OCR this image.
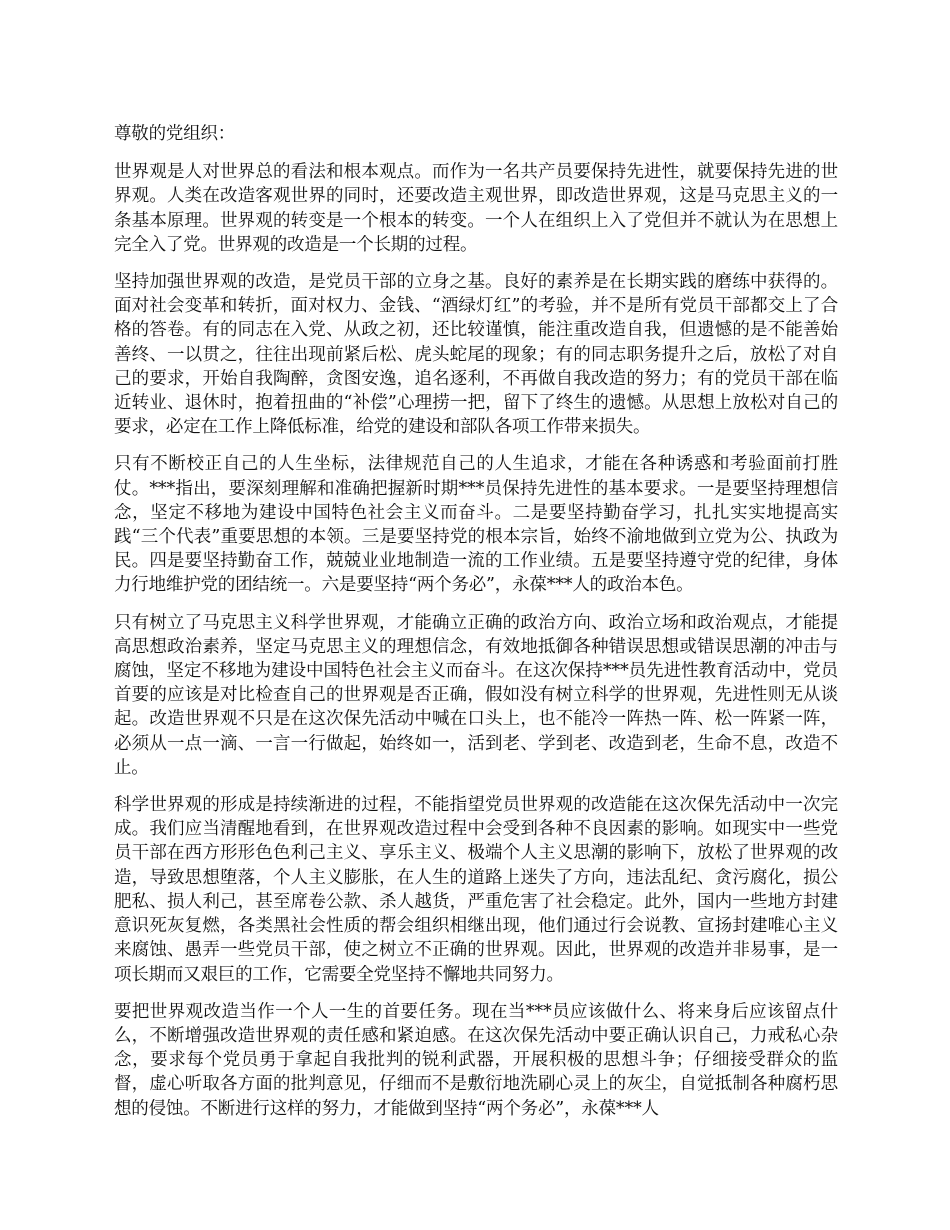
尊敬的党组织：

世界观是人对世界总的看法和根本观点。而作为一名共产员要保持先进性，就要保持先进的世界观。人类在改造客观世界的同时，还要改造主观世界，即改造世界观，这是马克思主义的一条基本原理。世界观的转变是一个根本的转变。一个人在组织上入了党但并不就认为在思想上完全入了党。世界观的改造是一个长期的过程。

坚持加强世界观的改造，是党员干部的立身之基。良好的素养是在长期实践的磨练中获得的。面对社会变革和转折，面对权力、金钱、“酒绿灯红”的考验，并不是所有党员干部都交上了合格的答卷。有的同志在入党、从政之初，还比较谨慎，能注重改造自我，但遗憾的是不能善始善终、一以贯之，往往出现前紧后松、虎头蛇尾的现象；有的同志职务提升之后，放松了对自己的要求，开始自我陶醉，贪图安逸，追名逐利，不再做自我改造的努力；有的党员干部在临近转业、退休时，抱着扭曲的“补偿”心理捞一把，留下了终生的遗憾。从思想上放松对自己的要求，必定在工作上降低标准，给党的建设和部队各项工作带来损失。

只有不断校正自己的人生坐标，法律规范自己的人生追求，才能在各种诱惑和考验面前打胜仗。***指出，要深刻理解和准确把握新时期***员保持先进性的基本要求。一是要坚持理想信念，坚定不移地为建设中国特色社会主义而奋斗。二是要坚持勤奋学习，扎扎实实地提高实践“三个代表”重要思想的本领。三是要坚持党的根本宗旨，始终不渝地做到立党为公、执政为民。四是要坚持勤奋工作，兢兢业业地制造一流的工作业绩。五是要坚持遵守党的纪律，身体力行地维护党的团结统一。六是要坚持“两个务必”，永葆***人的政治本色。

只有树立了马克思主义科学世界观，才能确立正确的政治方向、政治立场和政治观点，才能提高思想政治素养，坚定马克思主义的理想信念，有效地抵御各种错误思想或错误思潮的冲击与腐蚀，坚定不移地为建设中国特色社会主义而奋斗。在这次保持***员先进性教育活动中，党员首要的应该是对比检查自己的世界观是否正确，假如没有树立科学的世界观，先进性则无从谈起。改造世界观不只是在这次保先活动中喊在口头上，也不能冷一阵热一阵、松一阵紧一阵，必须从一点一滴、一言一行做起，始终如一，活到老、学到老、改造到老，生命不息，改造不止。

科学世界观的形成是持续渐进的过程，不能指望党员世界观的改造能在这次保先活动中一次完成。我们应当清醒地看到，在世界观改造过程中会受到各种不良因素的影响。如现实中一些党员干部在西方形形色色利己主义、享乐主义、极端个人主义思潮的影响下，放松了世界观的改造，导致思想堕落，个人主义膨胀，在人生的道路上迷失了方向，违法乱纪、贪污腐化，损公肥私、损人利己，甚至席卷公款、杀人越货，严重危害了社会稳定。此外，国内一些地方封建意识死灰复燃，各类黑社会性质的帮会组织相继出现，他们通过行会说教、宣扬封建唯心主义来腐蚀、愚弄一些党员干部，使之树立不正确的世界观。因此，世界观的改造并非易事，是一项长期而又艰巨的工作，它需要全党坚持不懈地共同努力。

要把世界观改造当作一个人一生的首要任务。现在当***员应该做什么、将来身后应该留点什么，不断增强改造世界观的责任感和紧迫感。在这次保先活动中要正确认识自己，力戒私心杂念，要求每个党员勇于拿起自我批判的锐利武器，开展积极的思想斗争；仔细接受群众的监督，虚心听取各方面的批判意见，仔细而不是敷衍地洗刷心灵上的灰尘，自觉抵制各种腐朽思想的侵蚀。不断进行这样的努力，才能做到坚持“两个务必”，永葆***人
